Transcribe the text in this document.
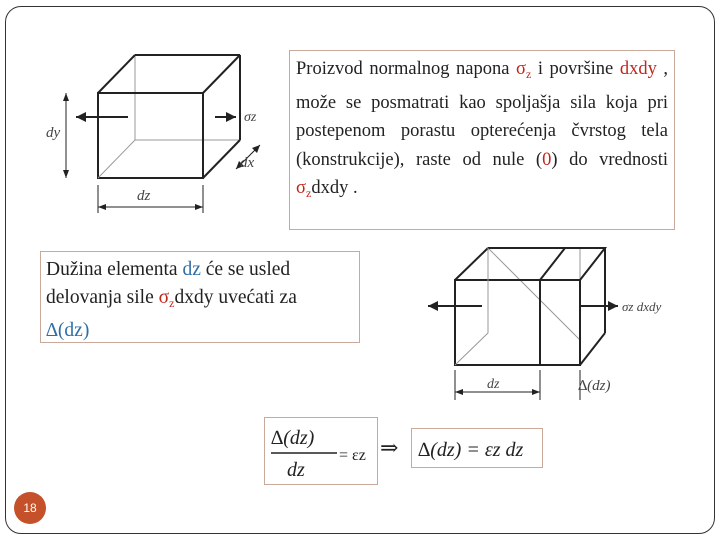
dy
dz
dx
σz
Proizvod normalnog napona $\sigma_z$ i površine dxdy , može se posmatrati kao spoljašja sila koja pri postepenom porastu opterećenja čvrstog tela (konstrukcije), raste od nule (0) do vrednosti $\sigma_zdxdy$ .
Dužina elementa dz će se usled delovanja sile $\sigma_zdxdy$ uvećati za
∆(dz)
dz	∆(dz)
σz dxdy
∆(dz)
dz
= εz ⇒ ∆(dz) = εz dz
18
